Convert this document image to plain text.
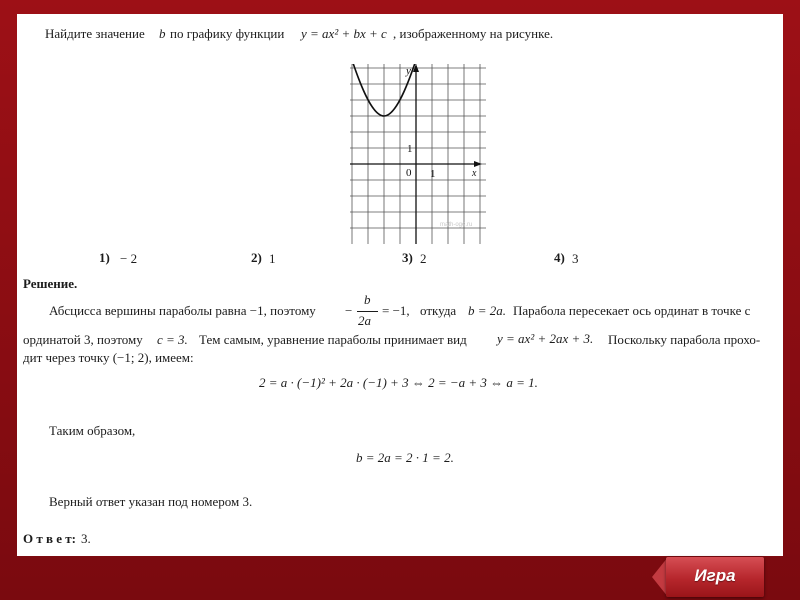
Найдите значение b по графику функции y = ax² + bx + c , изображенному на рисунке.
y
x
1
0 1
math-oge.ru
1) − 2	2) 1	3) 2	4) 3
Решение.
Абсцисса вершины параболы равна −1, поэтому −
b
2a
= −1, откуда b = 2a. Парабола пересекает ось ординат в точке с
ординатой 3, поэтому c = 3. Тем самым, уравнение параболы принимает вид y = ax² + 2ax + 3. Поскольку парабола прохо-
дит через точку (−1; 2), имеем:
2 = a · (−1)² + 2a · (−1) + 3 ⇔ 2 = −a + 3 ⇔ a = 1.
Таким образом,
b = 2a = 2 · 1 = 2.
Верный ответ указан под номером 3.
О т в е т: 3.
Игра
